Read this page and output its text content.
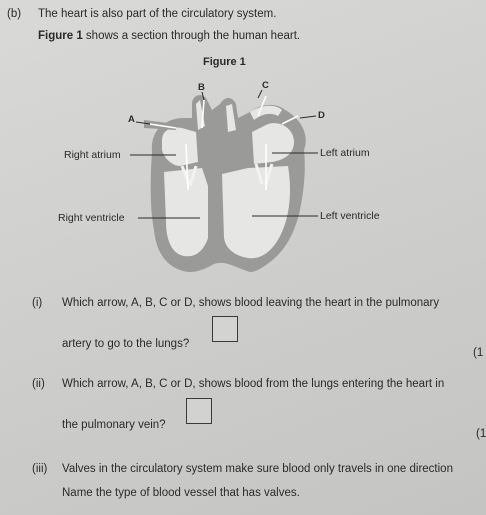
(b) The heart is also part of the circulatory system.
Figure 1 shows a section through the human heart.
Figure 1
B	C
A	D
Right atrium	Left atrium
Right ventricle	Left ventricle
(i) Which arrow, A, B, C or D, shows blood leaving the heart in the pulmonary
artery to go to the lungs?
(1
(ii) Which arrow, A, B, C or D, shows blood from the lungs entering the heart in
the pulmonary vein?
(1
(iii) Valves in the circulatory system make sure blood only travels in one direction
Name the type of blood vessel that has valves.
